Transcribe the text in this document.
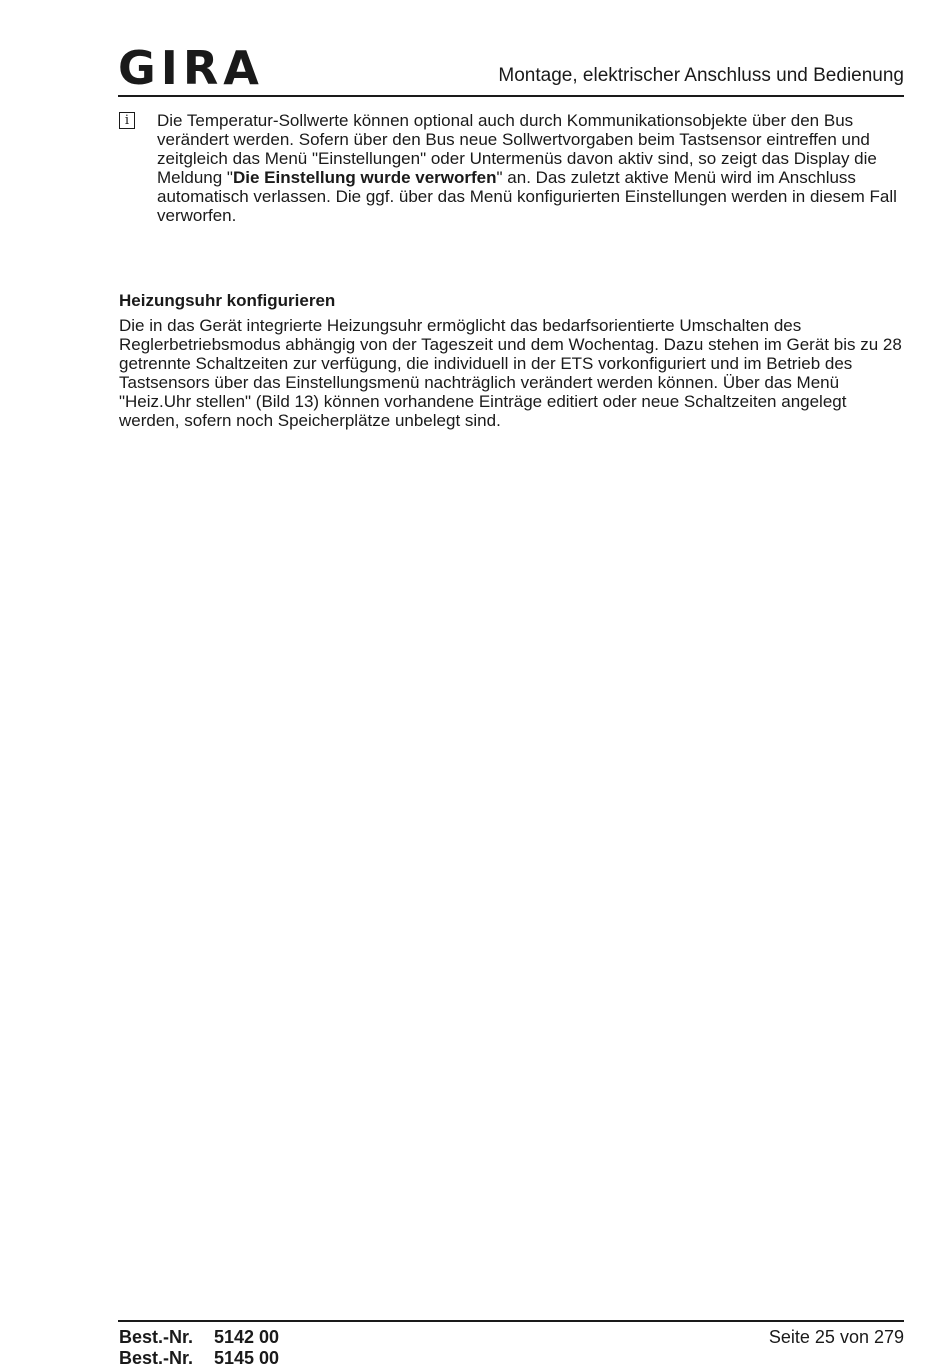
GIRA	Montage, elektrischer Anschluss und Bedienung
i	Die Temperatur-Sollwerte können optional auch durch Kommunikationsobjekte über den Bus verändert werden. Sofern über den Bus neue Sollwertvorgaben beim Tastsensor eintreffen und zeitgleich das Menü "Einstellungen" oder Untermenüs davon aktiv sind, so zeigt das Display die Meldung "Die Einstellung wurde verworfen" an. Das zuletzt aktive Menü wird im Anschluss automatisch verlassen. Die ggf. über das Menü konfigurierten Einstellungen werden in diesem Fall verworfen.

Heizungsuhr konfigurieren

Die in das Gerät integrierte Heizungsuhr ermöglicht das bedarfsorientierte Umschalten des Reglerbetriebsmodus abhängig von der Tageszeit und dem Wochentag. Dazu stehen im Gerät bis zu 28 getrennte Schaltzeiten zur verfügung, die individuell in der ETS vorkonfiguriert und im Betrieb des Tastsensors über das Einstellungsmenü nachträglich verändert werden können. Über das Menü "Heiz.Uhr stellen" (Bild 13) können vorhandene Einträge editiert oder neue Schaltzeiten angelegt werden, sofern noch Speicherplätze unbelegt sind.

Best.-Nr. 5142 00
Best.-Nr. 5145 00
Seite 25 von 279
